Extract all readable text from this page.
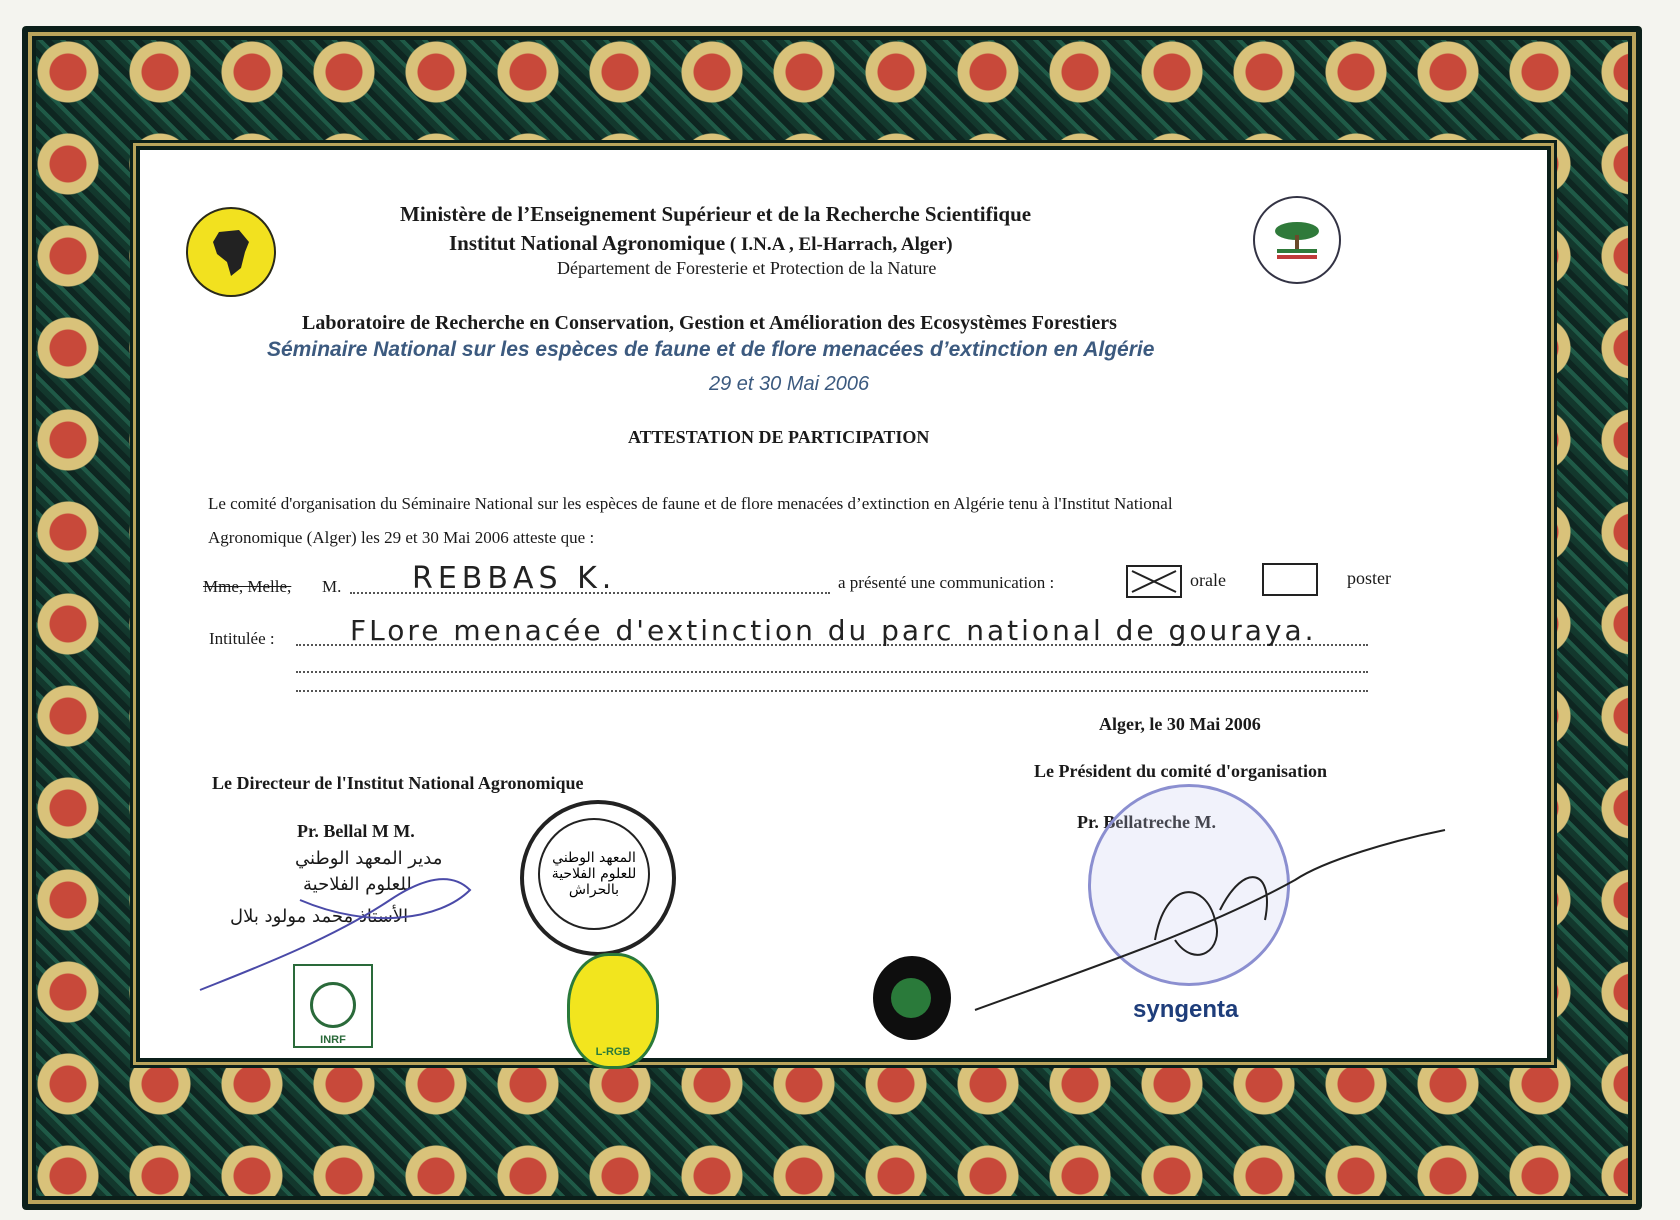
Ministère de l’Enseignement Supérieur et de la Recherche Scientifique
Institut National Agronomique ( I.N.A , El-Harrach, Alger)
Département de Foresterie et Protection de la Nature
Laboratoire de Recherche en Conservation, Gestion et Amélioration des Ecosystèmes Forestiers
Séminaire National sur les espèces de faune et de flore menacées d’extinction en Algérie
29 et 30 Mai 2006
ATTESTATION DE PARTICIPATION
Le comité d'organisation du Séminaire National sur les espèces de faune et de flore menacées d’extinction en Algérie tenu à l'Institut National
Agronomique (Alger) les 29 et 30 Mai 2006 atteste que :
Mme, Melle, M. REBBAS K.	a présenté une communication :	orale	poster
Intitulée :	FLore menacée d'extinction du parc national de gouraya.
Alger, le 30 Mai 2006
Le Directeur de l'Institut National Agronomique
Pr. Bellal M M.
Le Président du comité d'organisation
Pr. Bellatreche M.
مدير المعهد الوطني
للعلوم الفلاحية
الأستاذ محمد مولود بلال
المعهد الوطني للعلوم الفلاحية بالحراش
INRF
L-RGB
syngenta
